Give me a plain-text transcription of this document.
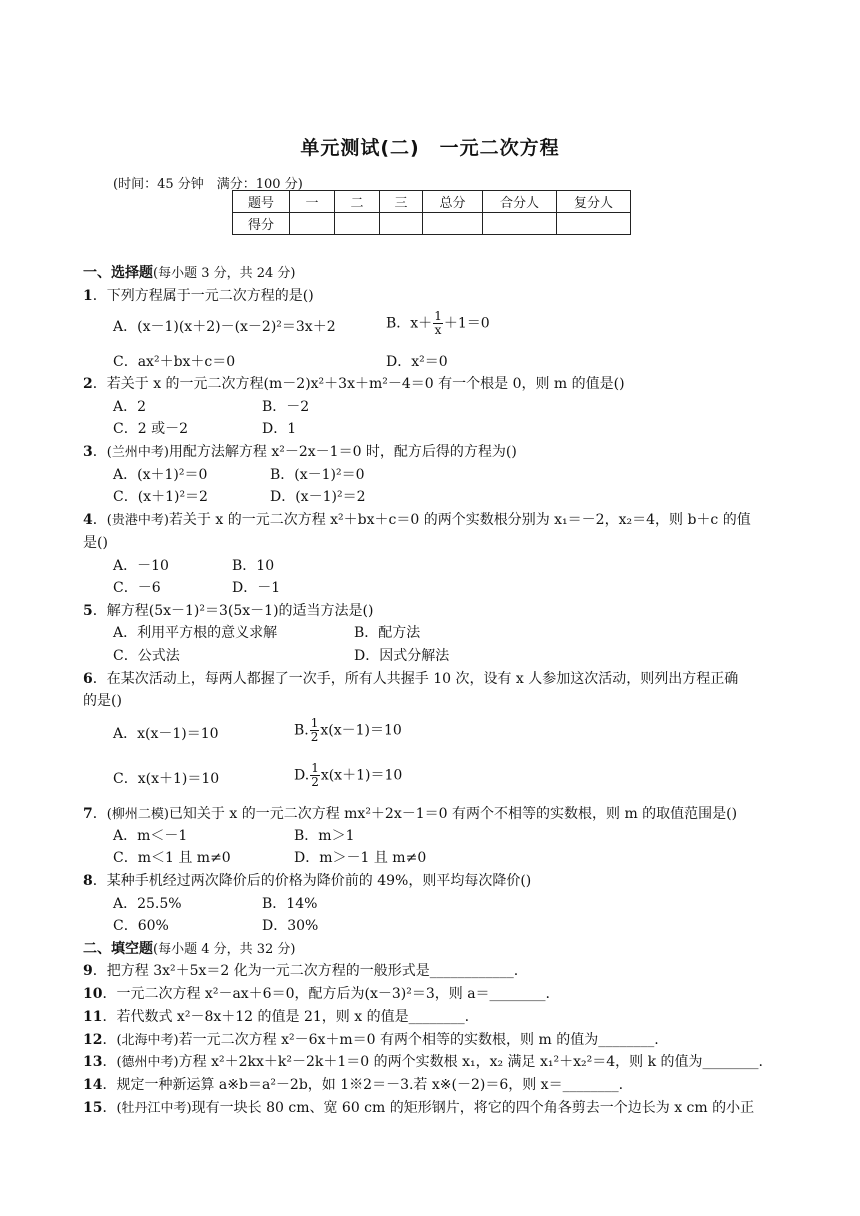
单元测试(二)　一元二次方程
(时间：45 分钟　满分：100 分)
题号	一	二	三	总分	合分人	复分人
得分						
一、选择题(每小题 3 分，共 24 分)
1．下列方程属于一元二次方程的是()
A．(x－1)(x＋2)－(x－2)²＝3x＋2	B．$x+ \frac{1}{x} +1=0$
C．ax²＋bx＋c＝0	D．x²＝0
2．若关于 x 的一元二次方程(m－2)x²＋3x＋m²－4＝0 有一个根是 0，则 m 的值是()
A．2	B．－2
C．2 或－2	D．1
3．(兰州中考)用配方法解方程 x²－2x－1＝0 时，配方后得的方程为()
A．(x＋1)²＝0	B．(x－1)²＝0
C．(x＋1)²＝2	D．(x－1)²＝2
4．(贵港中考)若关于 x 的一元二次方程 x²＋bx＋c＝0 的两个实数根分别为 x₁＝－2，x₂＝4，则 b＋c 的值
是()
A．－10	B．10
C．－6	D．－1
5．解方程(5x－1)²＝3(5x－1)的适当方法是()
A．利用平方根的意义求解	B．配方法
C．公式法	D．因式分解法
6．在某次活动上，每两人都握了一次手，所有人共握手 10 次，设有 x 人参加这次活动，则列出方程正确
的是()
A．x(x－1)＝10	B. $\frac{1}{2} x(x-1)=10$
C．x(x＋1)＝10	D. $\frac{1}{2} x(x+1)=10$
7．(柳州二模)已知关于 x 的一元二次方程 mx²＋2x－1＝0 有两个不相等的实数根，则 m 的取值范围是()
A．m＜－1	B．m＞1
C．m＜1 且 m≠0	D．m＞－1 且 m≠0
8．某种手机经过两次降价后的价格为降价前的 49%，则平均每次降价()
A．25.5%	B．14%
C．60%	D．30%
二、填空题(每小题 4 分，共 32 分)
9．把方程 3x²＋5x＝2 化为一元二次方程的一般形式是____________.
10．一元二次方程 x²－ax＋6＝0，配方后为(x－3)²＝3，则 a＝________.
11．若代数式 x²－8x＋12 的值是 21，则 x 的值是________.
12．(北海中考)若一元二次方程 x²－6x＋m＝0 有两个相等的实数根，则 m 的值为________.
13．(德州中考)方程 x²＋2kx＋k²－2k＋1＝0 的两个实数根 x₁，x₂ 满足 x₁²＋x₂²＝4，则 k 的值为________.
14．规定一种新运算 a※b＝a²－2b，如 1※2＝－3.若 x※(－2)＝6，则 x＝________.
15．(牡丹江中考)现有一块长 80 cm、宽 60 cm 的矩形钢片，将它的四个角各剪去一个边长为 x cm 的小正
